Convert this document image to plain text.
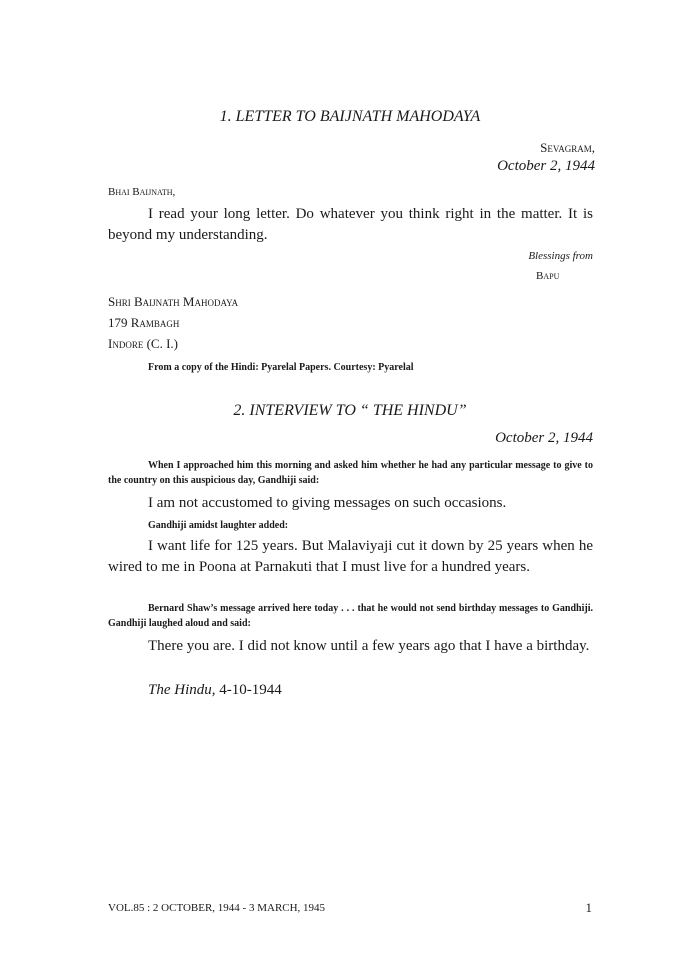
1. LETTER TO BAIJNATH MAHODAYA

Sevagram,

October 2, 1944

Bhai Baijnath,

I read your long letter. Do whatever you think right in the matter. It is beyond my understanding.

Blessings from

Bapu

Shri Baijnath Mahodaya

179 Rambagh

Indore (C. I.)

From a copy of the Hindi: Pyarelal Papers. Courtesy: Pyarelal

2. INTERVIEW TO “ THE HINDU”

October 2, 1944

When I approached him this morning and asked him whether he had any particular message to give to the country on this auspicious day, Gandhiji said:

I am not accustomed to giving messages on such occasions.

Gandhiji amidst laughter added:

I want life for 125 years. But Malaviyaji cut it down by 25 years when he wired to me in Poona at Parnakuti that I must live for a hundred years.

Bernard Shaw’s message arrived here today . . . that he would not send birthday messages to Gandhiji. Gandhiji laughed aloud and said:

There you are. I did not know until a few years ago that I have a birthday.

The Hindu, 4-10-1944

VOL.85 : 2 OCTOBER, 1944 - 3 MARCH, 1945	1
